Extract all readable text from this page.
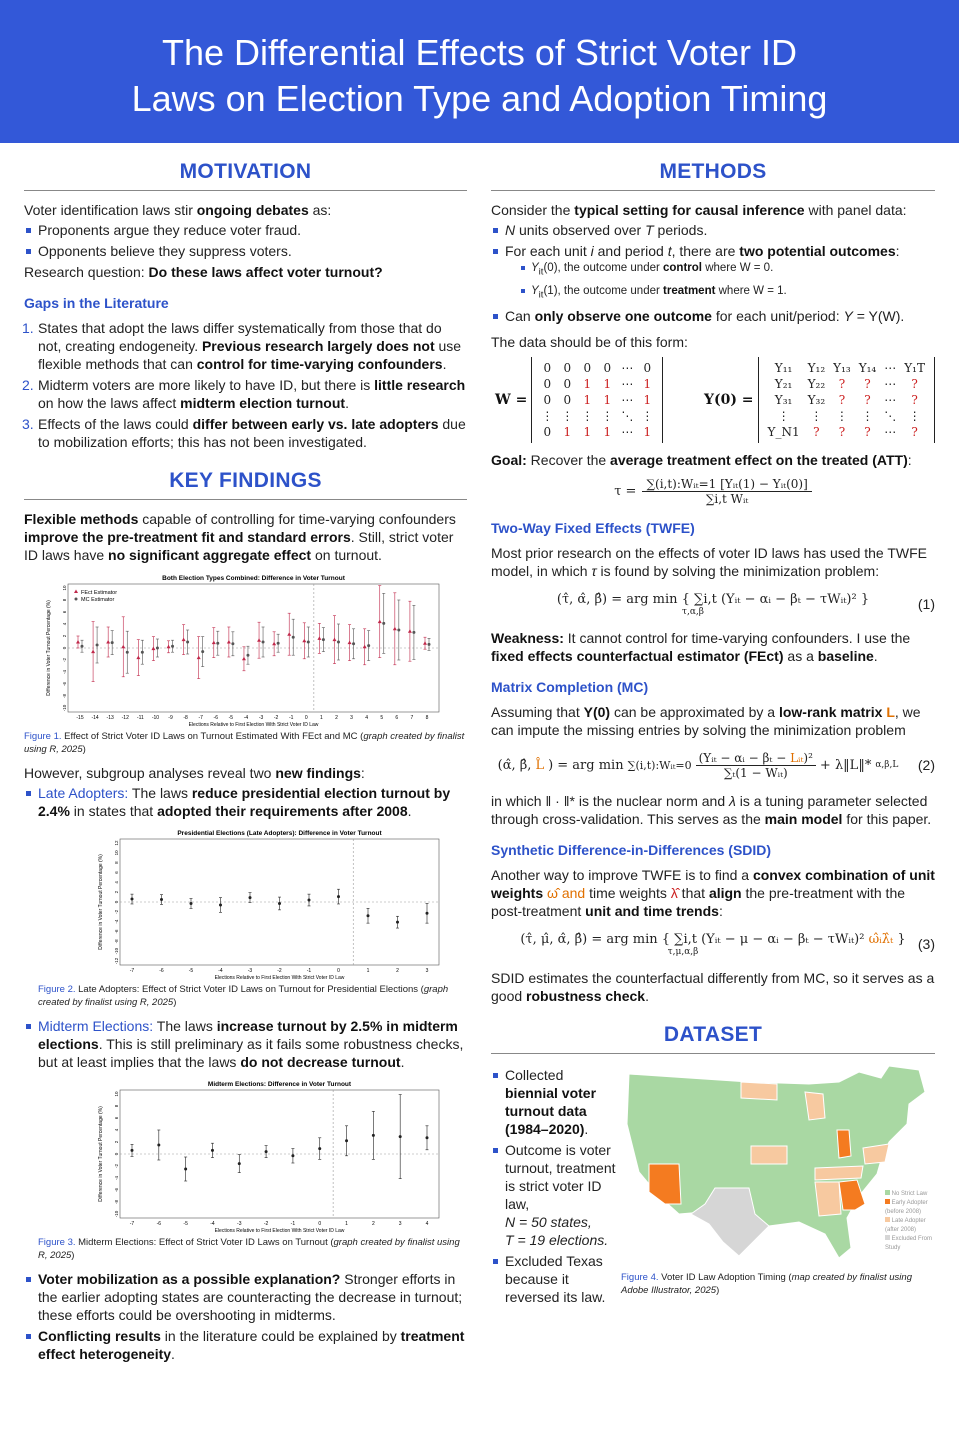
The Differential Effects of Strict Voter ID
Laws on Election Type and Adoption Timing
MOTIVATION

Voter identification laws stir ongoing debates as:

Proponents argue they reduce voter fraud.
Opponents believe they suppress voters.

Research question: Do these laws affect voter turnout?

Gaps in the Literature
1. States that adopt the laws differ systematically from those that do not, creating endogeneity. Previous research largely does not use flexible methods that can control for time-varying confounders.
2. Midterm voters are more likely to have ID, but there is little research on how the laws affect midterm election turnout.
3. Effects of the laws could differ between early vs. late adopters due to mobilization efforts; this has not been investigated.
KEY FINDINGS

Flexible methods capable of controlling for time-varying confounders improve the pre-treatment fit and standard errors. Still, strict voter ID laws have no significant aggregate effect on turnout.

Both Election Types Combined: Difference in Voter Turnout
Difference in Voter Turnout Percentage (%)
Elections Relative to First Election With Strict Voter ID Law
-10
-8
-6
-4
-2
0
2
4
6
8
10
-15 -14 -13 -12 -11 -10 -9 -8 -7 -6 -5 -4 -3 -2 -1 0 1 2 3 4 5 6 7 8
FEct Estimator
MC Estimator
Figure 1. Effect of Strict Voter ID Laws on Turnout Estimated With FEct and MC (graph created by finalist using R, 2025)

However, subgroup analyses reveal two new findings:

Late Adopters: The laws reduce presidential election turnout by 2.4% in states that adopted their requirements after 2008.
Presidential Elections (Late Adopters): Difference in Voter Turnout
Difference in Voter Turnout Percentage (%)
Elections Relative to First Election With Strict Voter ID Law
-12
-10
-8
-6
-4
-2
0
2
4
6
8
10
12
-7	-6	-5	-4	-3	-2	-1	0	1	2	3
Figure 2. Late Adopters: Effect of Strict Voter ID Laws on Turnout for Presidential Elections (graph created by finalist using R, 2025)
Midterm Elections: The laws increase turnout by 2.5% in midterm elections. This is still preliminary as it fails some robustness checks, but at least implies that the laws do not decrease turnout.
Midterm Elections: Difference in Voter Turnout
Difference in Voter Turnout Percentage (%)
Elections Relative to First Election With Strict Voter ID Law
-10
-8
-6
-4
-2
0
2
4
6
8
10
-7	-6	-5	-4	-3	-2	-1	0	1	2	3	4
Figure 3. Midterm Elections: Effect of Strict Voter ID Laws on Turnout (graph created by finalist using R, 2025)
Voter mobilization as a possible explanation? Stronger efforts in the earlier adopting states are counteracting the decrease in turnout; these efforts could be overshooting in midterms.
Conflicting results in the literature could be explained by treatment effect heterogeneity.
METHODS

Consider the typical setting for causal inference with panel data:

N units observed over T periods.
For each unit i and period t, there are two potential outcomes:
$Y_{it}(0)$, the outcome under control where W = 0.
$Y_{it}(1)$, the outcome under treatment where W = 1.
Can only observe one outcome for each unit/period: Y = Y(W).

The data should be of this form:

W =
0	0	0	0	⋯	0
0	0	1	1	⋯	1
0	0	1	1	⋯	1
⋮	⋮	⋮	⋮	⋱	⋮
0	1	1	1	⋯	1
Y(0) =
Y₁₁	Y₁₂	Y₁₃	Y₁₄	⋯	Y₁T
Y₂₁	Y₂₂	?	?	⋯	?
Y₃₁	Y₃₂	?	?	⋯	?
⋮	⋮	⋮	⋮	⋱	⋮
Y_N1	?	?	?	⋯	?

Goal: Recover the average treatment effect on the treated (ATT):

τ = ∑(i,t):Wᵢₜ=1 [Yᵢₜ(1) − Yᵢₜ(0)]
∑i,t Wᵢₜ
Two-Way Fixed Effects (TWFE)

Most prior research on the effects of voter ID laws has used the TWFE model, in which τ is found by solving the minimization problem:

(τ̂, α̂, β̂) = arg min { ∑i,t (Yᵢₜ − αᵢ − βₜ − τWᵢₜ)² }
τ,α,β	(1)

Weakness: It cannot control for time-varying confounders. I use the fixed effects counterfactual estimator (FEct) as a baseline.

Matrix Completion (MC)

Assuming that Y(0) can be approximated by a low-rank matrix L, we can impute the missing entries by solving the minimization problem

(α̂, β̂, L̂ ) = arg min ∑(i,t):Wᵢₜ=0
(Yᵢₜ − αᵢ − βₜ − Lᵢₜ)²
∑ₜ(1 − Wᵢₜ) + λ‖L‖* α,β,L (2)

in which ‖ · ‖* is the nuclear norm and λ is a tuning parameter selected through cross-validation. This serves as the main model for this paper.

Synthetic Difference-in-Differences (SDID)

Another way to improve TWFE is to find a convex combination of unit weights ω̂ and time weights λ̂ that align the pre-treatment with the post-treatment unit and time trends:

(τ̂, μ̂, α̂, β̂) = arg min { ∑i,t (Yᵢₜ − μ − αᵢ − βₜ − τWᵢₜ)² ω̂ᵢλ̂ₜ }
τ,μ,α,β	(3)

SDID estimates the counterfactual differently from MC, so it serves as a good robustness check.

DATASET
Collected biennial voter turnout data (1984–2020).
Outcome is voter turnout, treatment is strict voter ID law,
N = 50 states,
T = 19 elections.
Excluded Texas because it reversed its law.
No Strict Law
Early Adopter (before 2008)
Late Adopter (after 2008)
Excluded From Study
Figure 4. Voter ID Law Adoption Timing (map created by finalist using Adobe Illustrator, 2025)
